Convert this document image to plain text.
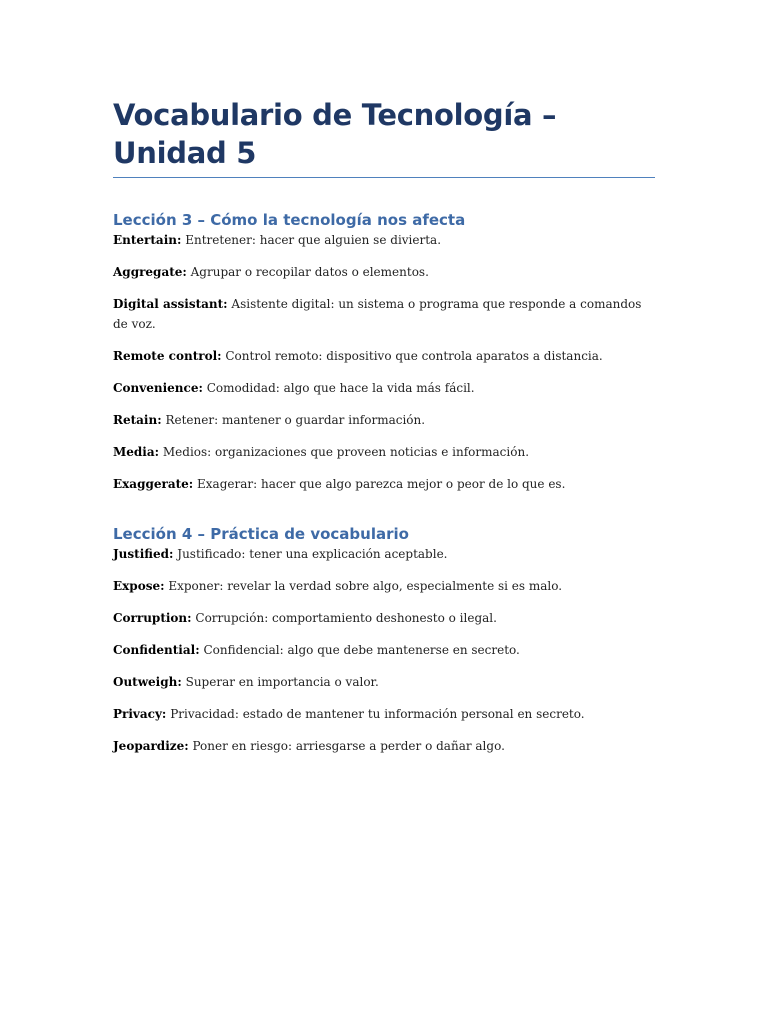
Vocabulario de Tecnología – Unidad 5
Lección 3 – Cómo la tecnología nos afecta

Entertain: Entretener: hacer que alguien se divierta.

Aggregate: Agrupar o recopilar datos o elementos.

Digital assistant: Asistente digital: un sistema o programa que responde a comandos de voz.

Remote control: Control remoto: dispositivo que controla aparatos a distancia.

Convenience: Comodidad: algo que hace la vida más fácil.

Retain: Retener: mantener o guardar información.

Media: Medios: organizaciones que proveen noticias e información.

Exaggerate: Exagerar: hacer que algo parezca mejor o peor de lo que es.

Lección 4 – Práctica de vocabulario

Justified: Justificado: tener una explicación aceptable.

Expose: Exponer: revelar la verdad sobre algo, especialmente si es malo.

Corruption: Corrupción: comportamiento deshonesto o ilegal.

Confidential: Confidencial: algo que debe mantenerse en secreto.

Outweigh: Superar en importancia o valor.

Privacy: Privacidad: estado de mantener tu información personal en secreto.

Jeopardize: Poner en riesgo: arriesgarse a perder o dañar algo.
